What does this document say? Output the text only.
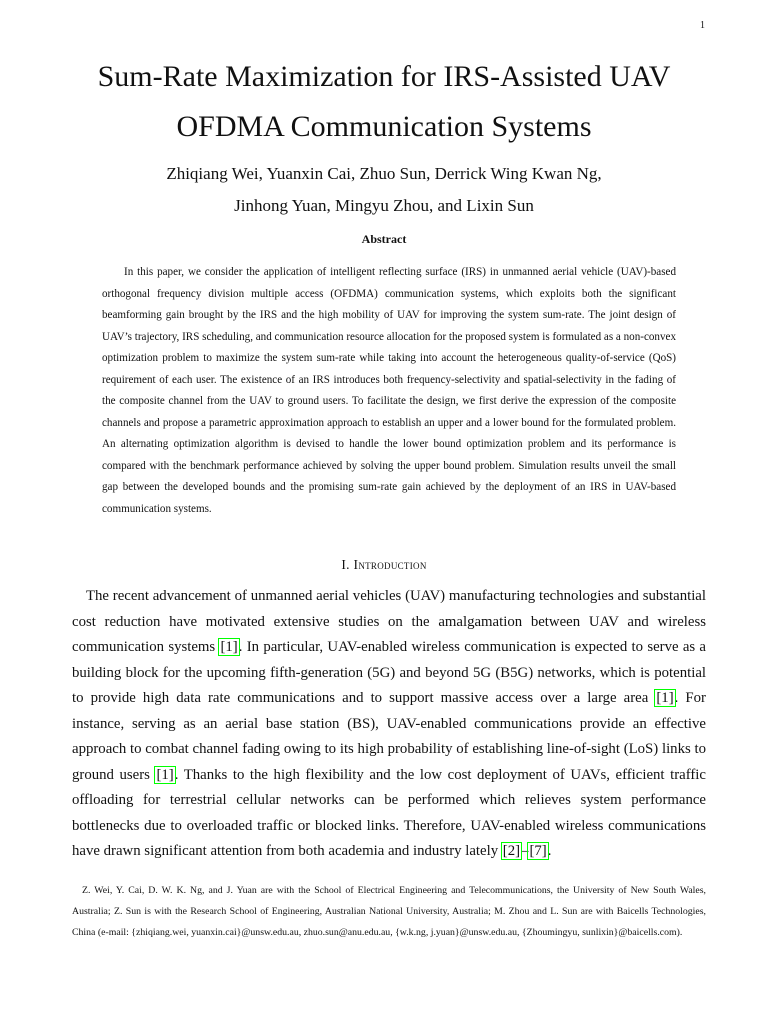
1
Sum-Rate Maximization for IRS-Assisted UAV
OFDMA Communication Systems
Zhiqiang Wei, Yuanxin Cai, Zhuo Sun, Derrick Wing Kwan Ng,
Jinhong Yuan, Mingyu Zhou, and Lixin Sun
Abstract
In this paper, we consider the application of intelligent reflecting surface (IRS) in unmanned aerial vehicle (UAV)-based orthogonal frequency division multiple access (OFDMA) communication systems, which exploits both the significant beamforming gain brought by the IRS and the high mobility of UAV for improving the system sum-rate. The joint design of UAV’s trajectory, IRS scheduling, and communication resource allocation for the proposed system is formulated as a non-convex optimization problem to maximize the system sum-rate while taking into account the heterogeneous quality-of-service (QoS) requirement of each user. The existence of an IRS introduces both frequency-selectivity and spatial-selectivity in the fading of the composite channel from the UAV to ground users. To facilitate the design, we first derive the expression of the composite channels and propose a parametric approximation approach to establish an upper and a lower bound for the formulated problem. An alternating optimization algorithm is devised to handle the lower bound optimization problem and its performance is compared with the benchmark performance achieved by solving the upper bound problem. Simulation results unveil the small gap between the developed bounds and the promising sum-rate gain achieved by the deployment of an IRS in UAV-based communication systems.
I. Introduction
The recent advancement of unmanned aerial vehicles (UAV) manufacturing technologies and substantial cost reduction have motivated extensive studies on the amalgamation between UAV and wireless communication systems [1]. In particular, UAV-enabled wireless communication is expected to serve as a building block for the upcoming fifth-generation (5G) and beyond 5G (B5G) networks, which is potential to provide high data rate communications and to support massive access over a large area [1]. For instance, serving as an aerial base station (BS), UAV-enabled communications provide an effective approach to combat channel fading owing to its high probability of establishing line-of-sight (LoS) links to ground users [1]. Thanks to the high flexibility and the low cost deployment of UAVs, efficient traffic offloading for terrestrial cellular networks can be performed which relieves system performance bottlenecks due to overloaded traffic or blocked links. Therefore, UAV-enabled wireless communications have drawn significant attention from both academia and industry lately [2]–[7].
Z. Wei, Y. Cai, D. W. K. Ng, and J. Yuan are with the School of Electrical Engineering and Telecommunications, the University of New South Wales, Australia; Z. Sun is with the Research School of Engineering, Australian National University, Australia; M. Zhou and L. Sun are with Baicells Technologies, China (e-mail: {zhiqiang.wei, yuanxin.cai}@unsw.edu.au, zhuo.sun@anu.edu.au, {w.k.ng, j.yuan}@unsw.edu.au, {Zhoumingyu, sunlixin}@baicells.com).
